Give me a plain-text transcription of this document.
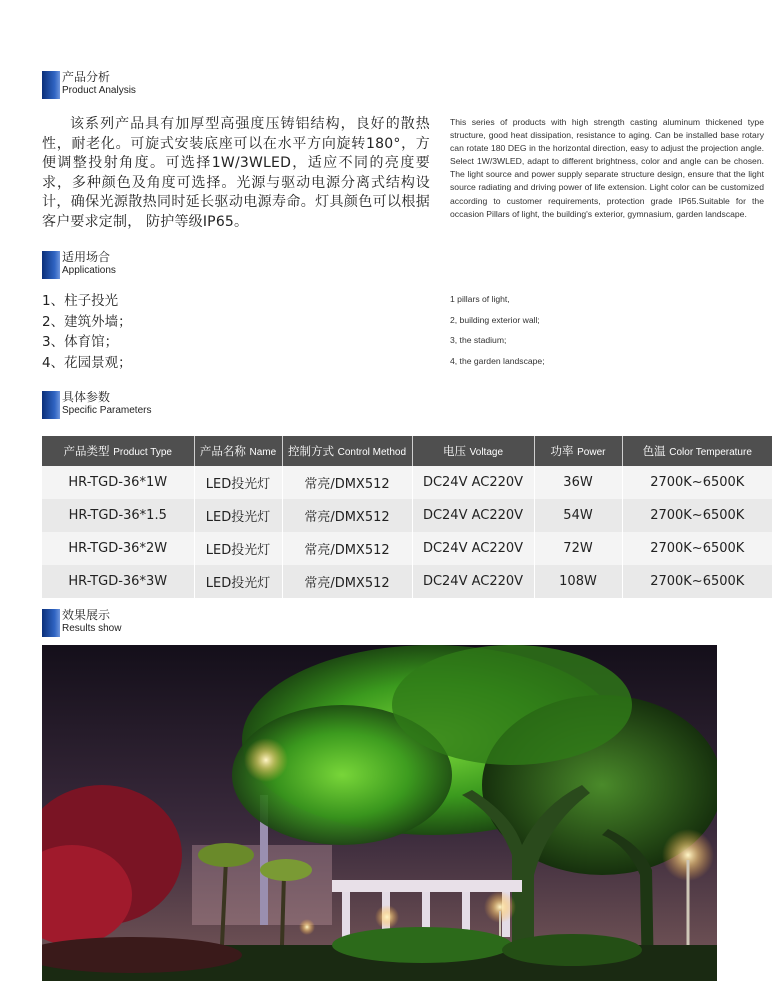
产品分析
Product Analysis
该系列产品具有加厚型高强度压铸铝结构，良好的散热性，耐老化。可旋式安装底座可以在水平方向旋转180°，方便调整投射角度。可选择1W/3WLED，适应不同的亮度要求，多种颜色及角度可选择。光源与驱动电源分离式结构设计，确保光源散热同时延长驱动电源寿命。灯具颜色可以根据客户要求定制， 防护等级IP65。
This series of products with high strength casting aluminum thickened type structure, good heat dissipation, resistance to aging. Can be installed base rotary can rotate 180 DEG in the horizontal direction, easy to adjust the projection angle. Select 1W/3WLED, adapt to different brightness, color and angle can be chosen. The light source and power supply separate structure design, ensure that the light source radiating and driving power of life extension. Light color can be customized according to customer requirements, protection grade IP65.Suitable for the occasion Pillars of light, the building's exterior, gymnasium, garden landscape.
适用场合
Applications
1、柱子投光
2、建筑外墙；
3、体育馆；
4、花园景观；
1 pillars of light,
2, building exterior wall;
3, the stadium;
4, the garden landscape;
具体参数
Specific Parameters
产品类型 Product Type	产品名称 Name	控制方式 Control Method	电压 Voltage	功率 Power	色温 Color Temperature
HR-TGD-36*1W	LED投光灯	常亮/DMX512	DC24V AC220V	36W	2700K~6500K
HR-TGD-36*1.5	LED投光灯	常亮/DMX512	DC24V AC220V	54W	2700K~6500K
HR-TGD-36*2W	LED投光灯	常亮/DMX512	DC24V AC220V	72W	2700K~6500K
HR-TGD-36*3W	LED投光灯	常亮/DMX512	DC24V AC220V	108W	2700K~6500K
效果展示
Results show
